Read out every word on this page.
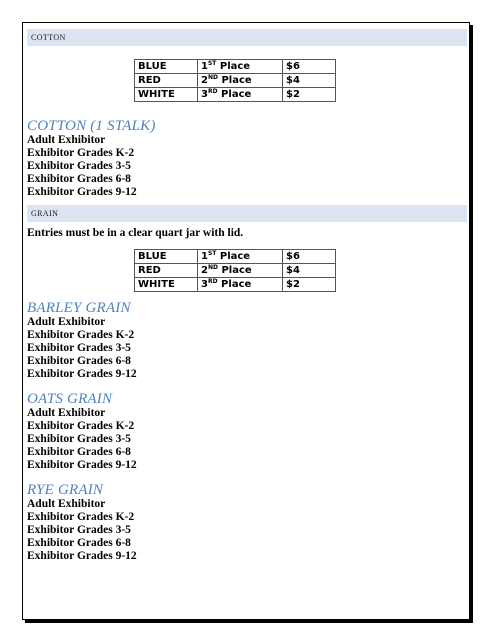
COTTON
BLUE	1ST Place	$6
RED	2ND Place	$4
WHITE	3RD Place	$2
COTTON (1 STALK)
Adult Exhibitor
Exhibitor Grades K-2
Exhibitor Grades 3-5
Exhibitor Grades 6-8
Exhibitor Grades 9-12
GRAIN
Entries must be in a clear quart jar with lid.
BLUE	1ST Place	$6
RED	2ND Place	$4
WHITE	3RD Place	$2
BARLEY GRAIN
Adult Exhibitor
Exhibitor Grades K-2
Exhibitor Grades 3-5
Exhibitor Grades 6-8
Exhibitor Grades 9-12
OATS GRAIN
Adult Exhibitor
Exhibitor Grades K-2
Exhibitor Grades 3-5
Exhibitor Grades 6-8
Exhibitor Grades 9-12
RYE GRAIN
Adult Exhibitor
Exhibitor Grades K-2
Exhibitor Grades 3-5
Exhibitor Grades 6-8
Exhibitor Grades 9-12
